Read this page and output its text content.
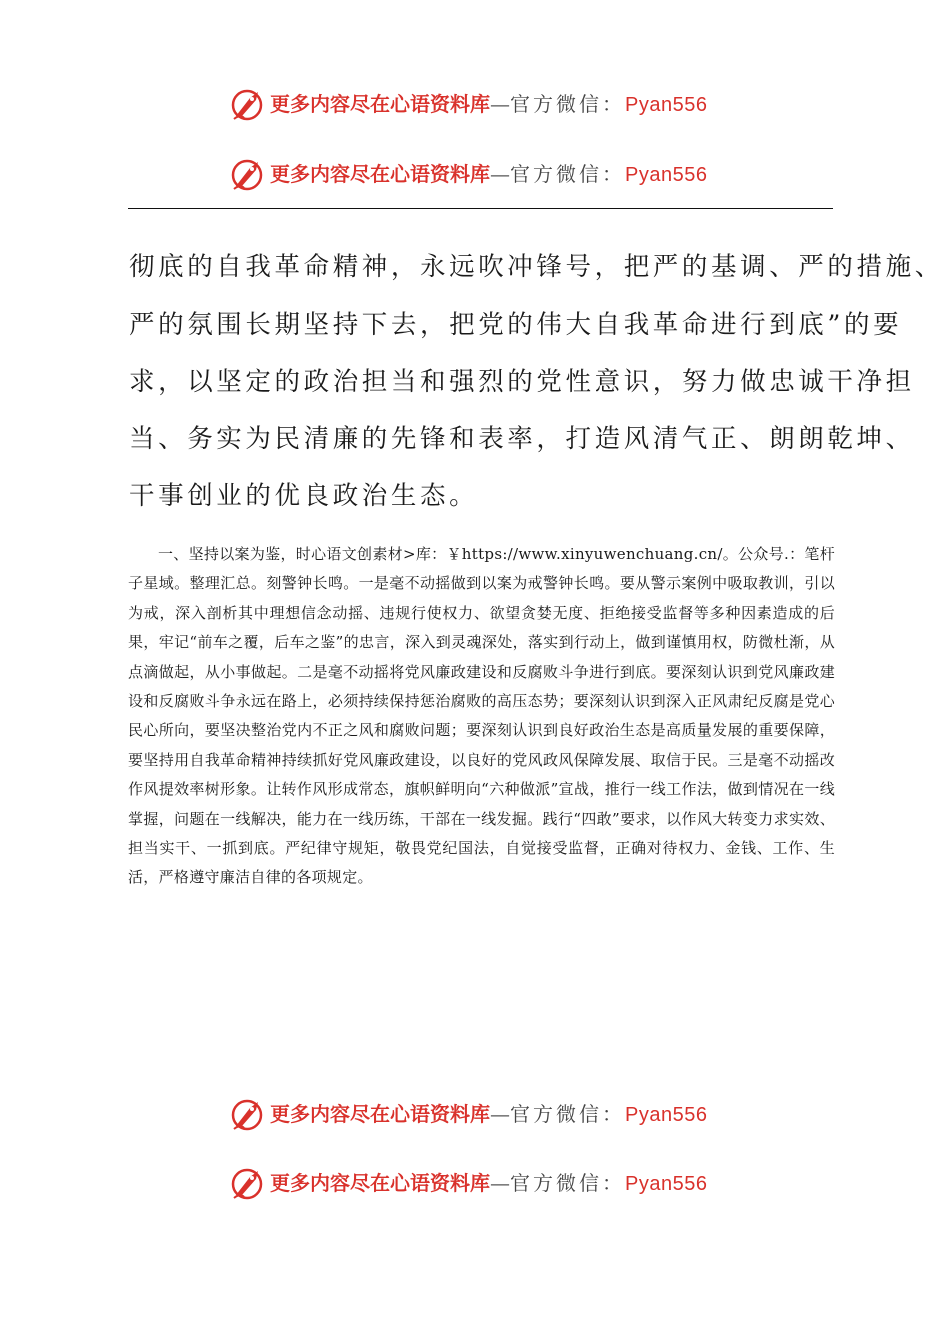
更多内容尽在心语资料库—官方微信：Pyan556
更多内容尽在心语资料库—官方微信：Pyan556
彻底的自我革命精神，永远吹冲锋号，把严的基调、严的措施、
严的氛围长期坚持下去，把党的伟大自我革命进行到底”的要
求，以坚定的政治担当和强烈的党性意识，努力做忠诚干净担
当、务实为民清廉的先锋和表率，打造风清气正、朗朗乾坤、
干事创业的优良政治生态。
一、坚持以案为鉴，时心语文创素材>库：￥https://www.xinyuwenchuang.cn/。公众号.：笔杆子星域。整理汇总。刻警钟长鸣。一是毫不动摇做到以案为戒警钟长鸣。要从警示案例中吸取教训，引以为戒，深入剖析其中理想信念动摇、违规行使权力、欲望贪婪无度、拒绝接受监督等多种因素造成的后果，牢记“前车之覆，后车之鉴”的忠言，深入到灵魂深处，落实到行动上，做到谨慎用权，防微杜渐，从点滴做起，从小事做起。二是毫不动摇将党风廉政建设和反腐败斗争进行到底。要深刻认识到党风廉政建设和反腐败斗争永远在路上，必须持续保持惩治腐败的高压态势；要深刻认识到深入正风肃纪反腐是党心民心所向，要坚决整治党内不正之风和腐败问题；要深刻认识到良好政治生态是高质量发展的重要保障，要坚持用自我革命精神持续抓好党风廉政建设，以良好的党风政风保障发展、取信于民。三是毫不动摇改作风提效率树形象。让转作风形成常态，旗帜鲜明向“六种做派”宣战，推行一线工作法，做到情况在一线掌握，问题在一线解决，能力在一线历练，干部在一线发掘。践行“四敢”要求，以作风大转变力求实效、担当实干、一抓到底。严纪律守规矩，敬畏党纪国法，自觉接受监督，正确对待权力、金钱、工作、生活，严格遵守廉洁自律的各项规定。
更多内容尽在心语资料库—官方微信：Pyan556
更多内容尽在心语资料库—官方微信：Pyan556
